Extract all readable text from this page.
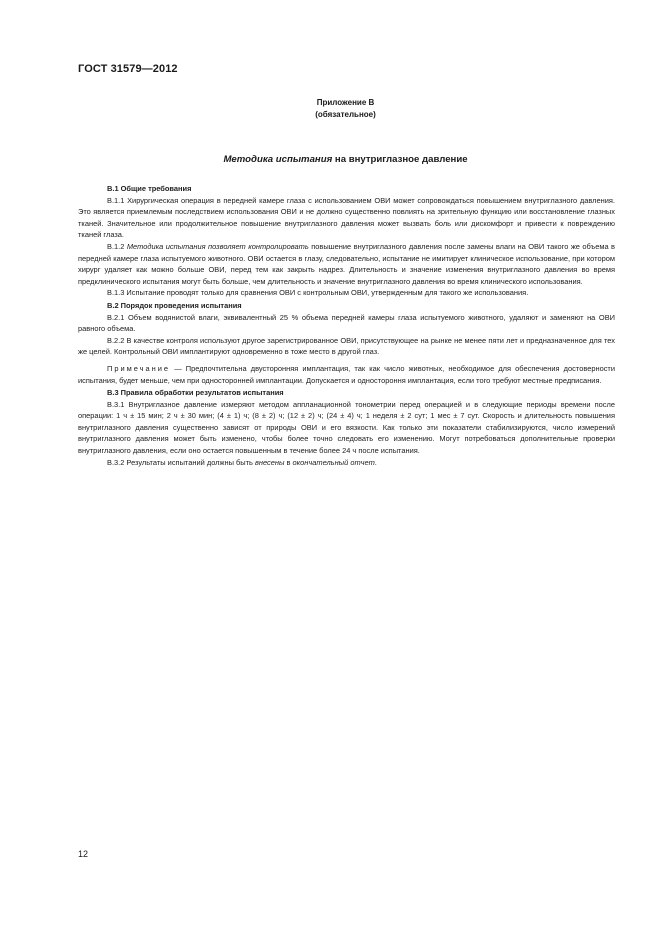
ГОСТ 31579—2012
Приложение В
(обязательное)
Методика испытания на внутриглазное давление

В.1 Общие требования

В.1.1 Хирургическая операция в передней камере глаза с использованием ОВИ может сопровождаться повышением внутриглазного давления. Это является приемлемым последствием использования ОВИ и не должно существенно повлиять на зрительную функцию или восстановление глазных тканей. Значительное или продолжительное повышение внутриглазного давления может вызвать боль или дискомфорт и привести к повреждению тканей глаза.

В.1.2 Методика испытания позволяет контролировать повышение внутриглазного давления после замены влаги на ОВИ такого же объема в передней камере глаза испытуемого животного. ОВИ остается в глазу, следовательно, испытание не имитирует клиническое использование, при котором хирург удаляет как можно больше ОВИ, перед тем как закрыть надрез. Длительность и значение изменения внутриглазного давления во время предклинического испытания могут быть больше, чем длительность и значение внутриглазного давления во время клинического использования.

В.1.3 Испытание проводят только для сравнения ОВИ с контрольным ОВИ, утвержденным для такого же использования.

В.2 Порядок проведения испытания

В.2.1 Объем водянистой влаги, эквивалентный 25 % объема передней камеры глаза испытуемого животного, удаляют и заменяют на ОВИ равного объема.

В.2.2 В качестве контроля используют другое зарегистрированное ОВИ, присутствующее на рынке не менее пяти лет и предназначенное для тех же целей. Контрольный ОВИ имплантируют одновременно в тоже место в другой глаз.

Примечание — Предпочтительна двусторонняя имплантация, так как число животных, необходимое для обеспечения достоверности испытания, будет меньше, чем при односторонней имплантации. Допускается и одностороння имплантация, если того требуют местные предписания.

В.3 Правила обработки результатов испытания

В.3.1 Внутриглазное давление измеряют методом аппланационной тонометрии перед операцией и в следующие периоды времени после операции: 1 ч ± 15 мин; 2 ч ± 30 мин; (4 ± 1) ч; (8 ± 2) ч; (12 ± 2) ч; (24 ± 4) ч; 1 неделя ± 2 сут; 1 мес ± 7 сут. Скорость и длительность повышения внутриглазного давления существенно зависят от природы ОВИ и его вязкости. Как только эти показатели стабилизируются, число измерений внутриглазного давления может быть изменено, чтобы более точно следовать его изменению. Могут потребоваться дополнительные проверки внутриглазного давления, если оно остается повышенным в течение более 24 ч после испытания.

В.3.2 Результаты испытаний должны быть внесены в окончательный отчет.

12
